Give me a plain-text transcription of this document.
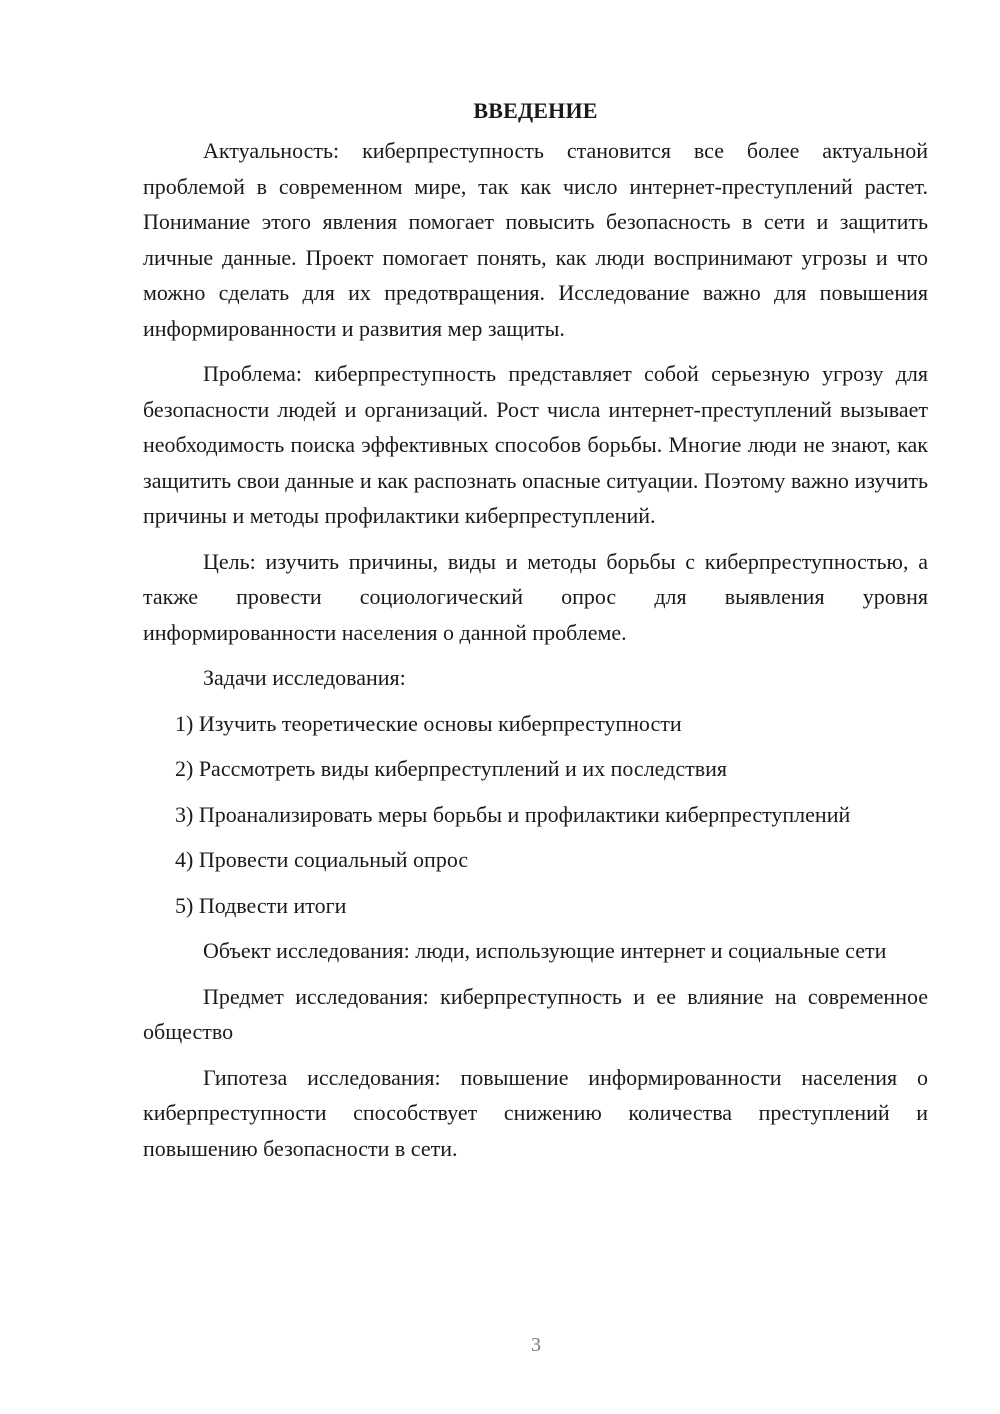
ВВЕДЕНИЕ

Актуальность: киберпреступность становится все более актуальной проблемой в современном мире, так как число интернет-преступлений растет. Понимание этого явления помогает повысить безопасность в сети и защитить личные данные. Проект помогает понять, как люди воспринимают угрозы и что можно сделать для их предотвращения. Исследование важно для повышения информированности и развития мер защиты.

Проблема: киберпреступность представляет собой серьезную угрозу для безопасности людей и организаций. Рост числа интернет-преступлений вызывает необходимость поиска эффективных способов борьбы. Многие люди не знают, как защитить свои данные и как распознать опасные ситуации. Поэтому важно изучить причины и методы профилактики киберпреступлений.

Цель: изучить причины, виды и методы борьбы с киберпреступностью, а также провести социологический опрос для выявления уровня информированности населения о данной проблеме.

Задачи исследования:

1) Изучить теоретические основы киберпреступности

2) Рассмотреть виды киберпреступлений и их последствия

3) Проанализировать меры борьбы и профилактики киберпреступлений

4) Провести социальный опрос

5) Подвести итоги

Объект исследования: люди, использующие интернет и социальные сети

Предмет исследования: киберпреступность и ее влияние на современное общество

Гипотеза исследования: повышение информированности населения о киберпреступности способствует снижению количества преступлений и повышению безопасности в сети.

3
